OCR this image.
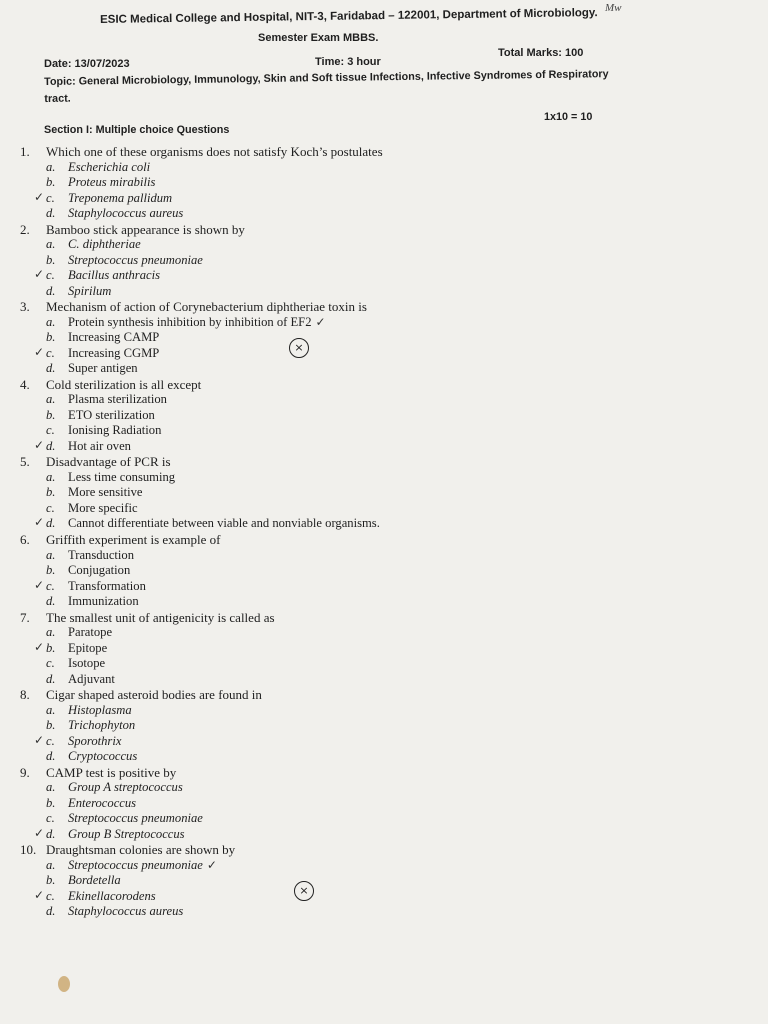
ESIC Medical College and Hospital, NIT-3, Faridabad – 122001, Department of Microbiology. Mw
Semester Exam MBBS.
Total Marks: 100
Date: 13/07/2023	Time: 3 hour
Topic: General Microbiology, Immunology, Skin and Soft tissue Infections, Infective Syndromes of Respiratory tract.
1x10 = 10
Section I: Multiple choice Questions
1.	Which one of these organisms does not satisfy Koch’s postulates
a. Escherichia coli
b. Proteus mirabilis
c.
✓ Treponema pallidum
d. Staphylococcus aureus
2.	Bamboo stick appearance is shown by
a. C. diphtheriae
b. Streptococcus pneumoniae
c.
✓ Bacillus anthracis
d. Spirilum
3.	Mechanism of action of Corynebacterium diphtheriae toxin is
a. Protein synthesis inhibition by inhibition of EF2 ✓
b. Increasing CAMP
c.
✓ Increasing CGMP
d. Super antigen
4.	Cold sterilization is all except
a. Plasma sterilization
b. ETO sterilization
c.	Ionising Radiation
d.
✓ Hot air oven
5.	Disadvantage of PCR is
a. Less time consuming
b. More sensitive
c.	More specific
d.
✓ Cannot differentiate between viable and nonviable organisms.
6.	Griffith experiment is example of
a. Transduction
b. Conjugation
c.
✓ Transformation
d. Immunization
7.	The smallest unit of antigenicity is called as
a. Paratope
b.
✓ Epitope
c.	Isotope
d. Adjuvant
8.	Cigar shaped asteroid bodies are found in
a. Histoplasma
b. Trichophyton
c.
✓ Sporothrix
d. Cryptococcus
9.	CAMP test is positive by
a. Group A streptococcus
b. Enterococcus
c.	Streptococcus pneumoniae
d.
✓ Group B Streptococcus
10. Draughtsman colonies are shown by
a. Streptococcus pneumoniae ✓
b. Bordetella
c.
✓ Ekinellacorodens
d. Staphylococcus aureus
×
×
